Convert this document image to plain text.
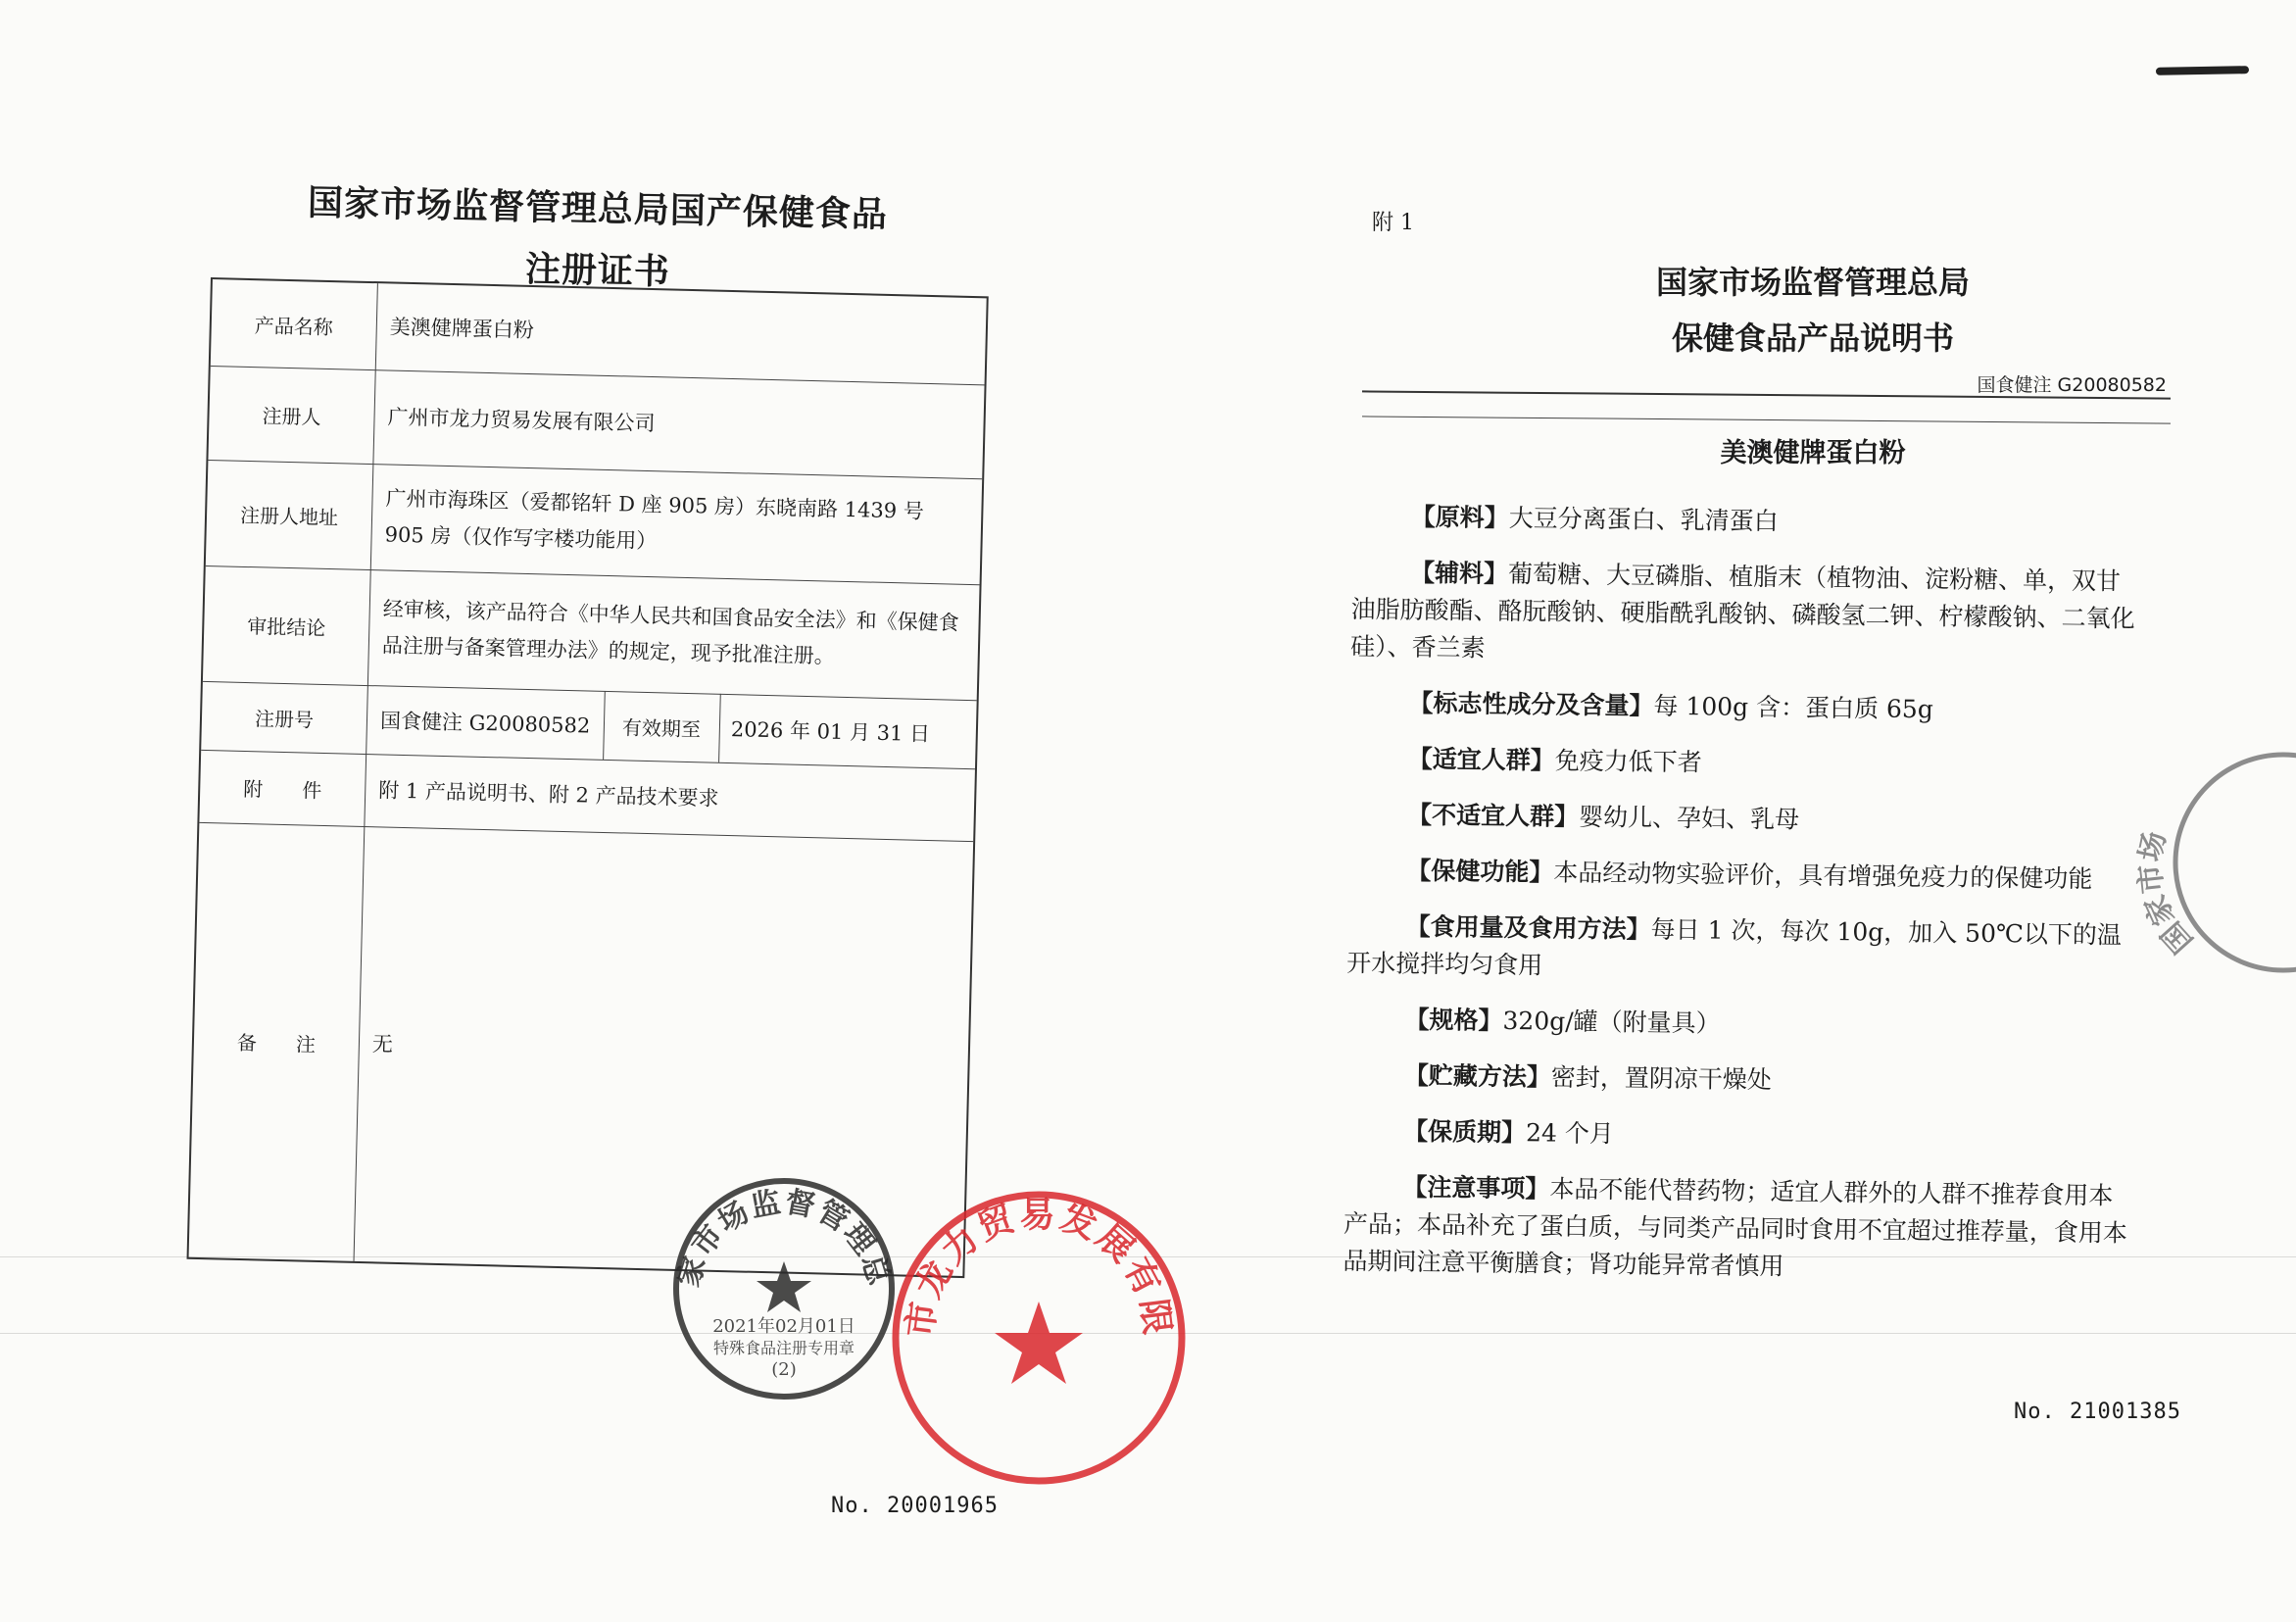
国家市场监督管理总局国产保健食品
注册证书
产品名称	美澳健牌蛋白粉
注册人	广州市龙力贸易发展有限公司
注册人地址	广州市海珠区（爱都铭轩 D 座 905 房）东晓南路 1439 号 905 房（仅作写字楼功能用）
审批结论	经审核，该产品符合《中华人民共和国食品安全法》和《保健食品注册与备案管理办法》的规定，现予批准注册。
注册号	国食健注 G20080582	有效期至	2026 年 01 月 31 日
附　　件	附 1 产品说明书、附 2 产品技术要求
备　　注	无
国家市场监督管理总局
2021年02月01日
特殊食品注册专用章
(2)
广州市龙力贸易发展有限公司
No. 20001965
附 1
国家市场监督管理总局
保健食品产品说明书
国食健注 G20080582
美澳健牌蛋白粉

【原料】大豆分离蛋白、乳清蛋白

【辅料】葡萄糖、大豆磷脂、植脂末（植物油、淀粉糖、单，双甘油脂肪酸酯、酪朊酸钠、硬脂酰乳酸钠、磷酸氢二钾、柠檬酸钠、二氧化硅）、香兰素

【标志性成分及含量】每 100g 含：蛋白质 65g

【适宜人群】免疫力低下者

【不适宜人群】婴幼儿、孕妇、乳母

【保健功能】本品经动物实验评价，具有增强免疫力的保健功能

【食用量及食用方法】每日 1 次，每次 10g，加入 50℃以下的温开水搅拌均匀食用

【规格】320g/罐（附量具）

【贮藏方法】密封，置阴凉干燥处

【保质期】24 个月

【注意事项】本品不能代替药物；适宜人群外的人群不推荐食用本产品；本品补充了蛋白质，与同类产品同时食用不宜超过推荐量，食用本品期间注意平衡膳食；肾功能异常者慎用

国家市场
No. 21001385
